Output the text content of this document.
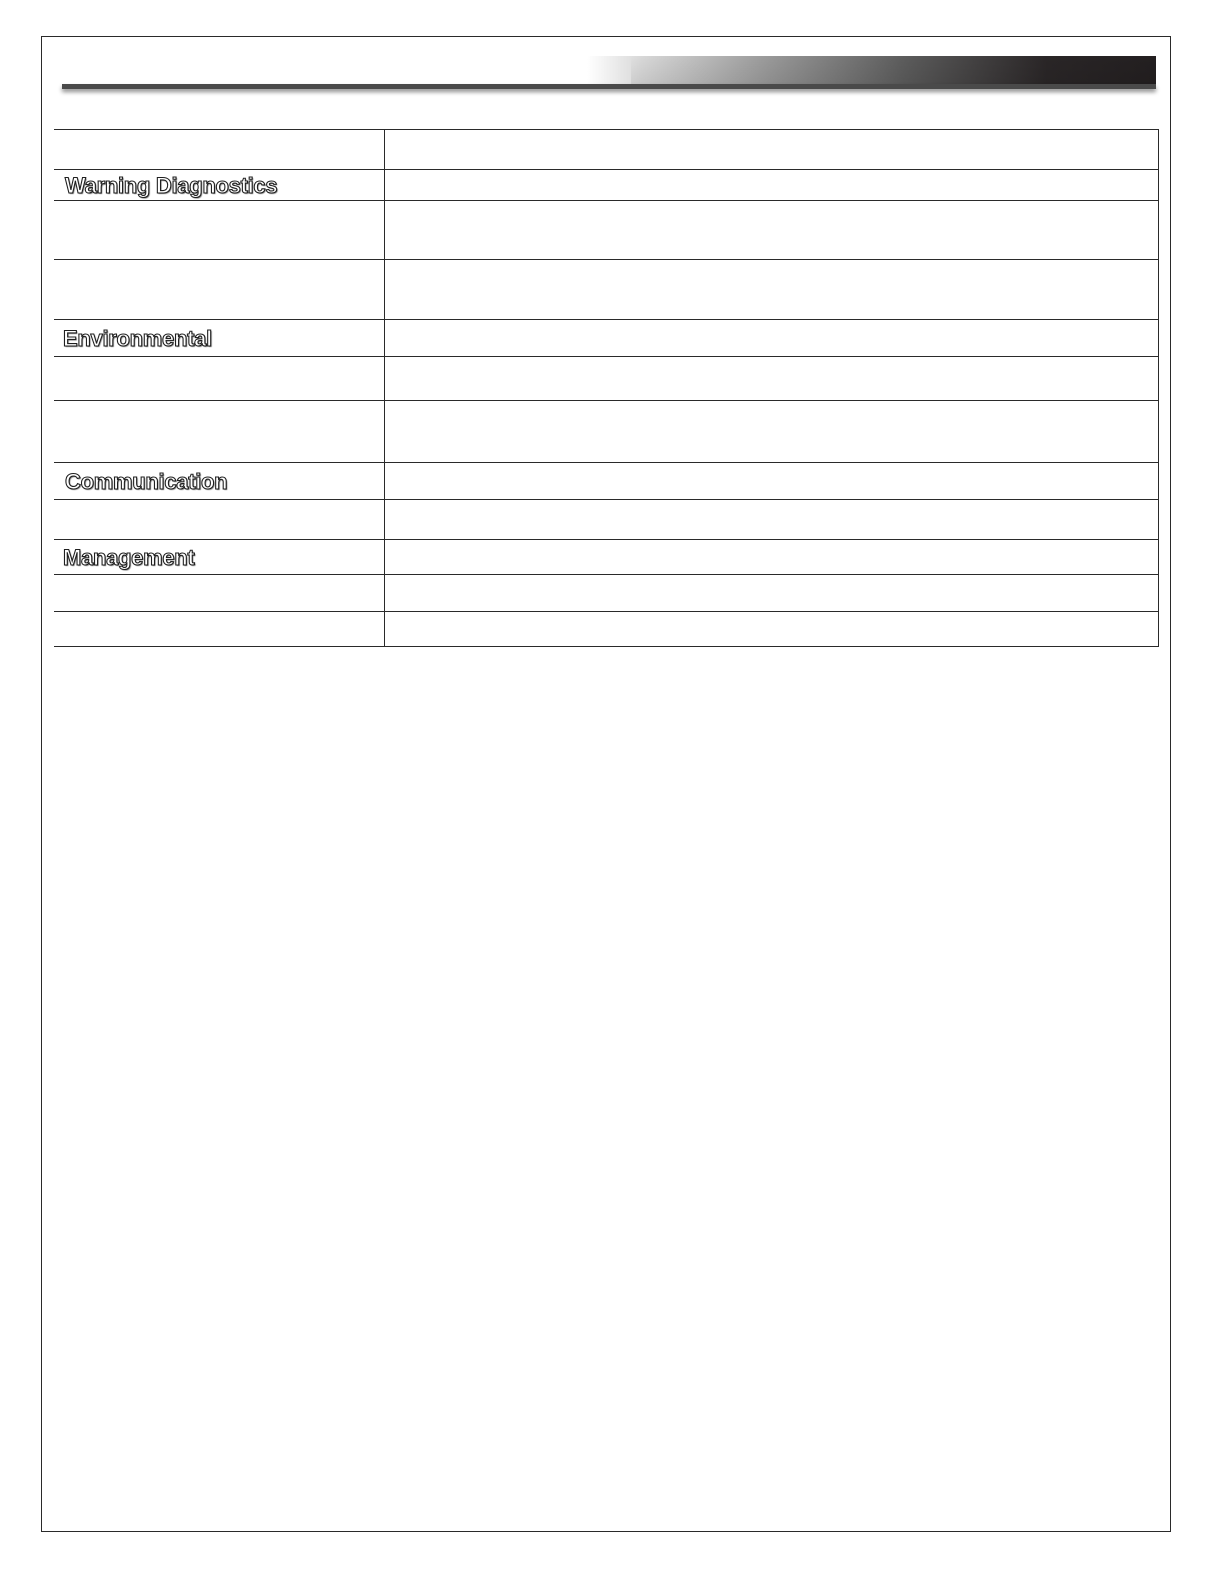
Warning Diagnostics	

Environmental	

Communication	

Management	
